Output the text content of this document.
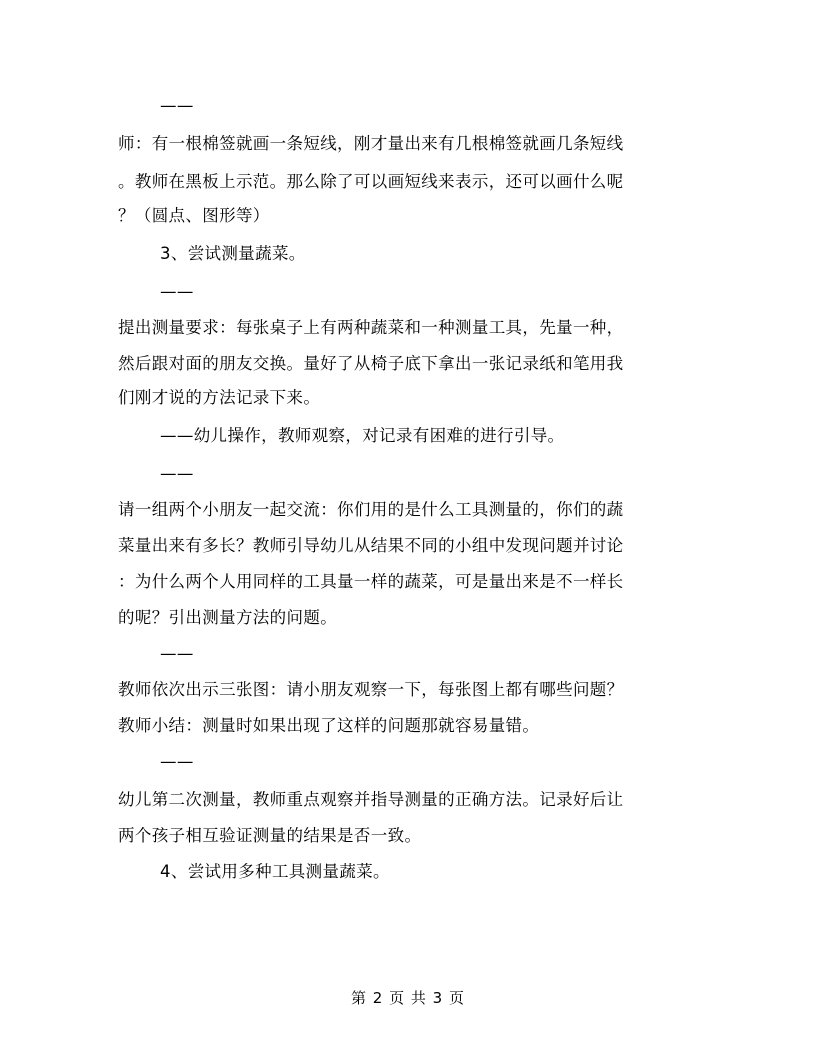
——
师：有一根棉签就画一条短线，刚才量出来有几根棉签就画几条短线
。教师在黑板上示范。那么除了可以画短线来表示，还可以画什么呢
？（圆点、图形等）
3、尝试测量蔬菜。
——
提出测量要求：每张桌子上有两种蔬菜和一种测量工具，先量一种，
然后跟对面的朋友交换。量好了从椅子底下拿出一张记录纸和笔用我
们刚才说的方法记录下来。
——幼儿操作，教师观察，对记录有困难的进行引导。
——
请一组两个小朋友一起交流：你们用的是什么工具测量的，你们的蔬
菜量出来有多长？教师引导幼儿从结果不同的小组中发现问题并讨论
：为什么两个人用同样的工具量一样的蔬菜，可是量出来是不一样长
的呢？引出测量方法的问题。
——
教师依次出示三张图：请小朋友观察一下，每张图上都有哪些问题？
教师小结：测量时如果出现了这样的问题那就容易量错。
——
幼儿第二次测量，教师重点观察并指导测量的正确方法。记录好后让
两个孩子相互验证测量的结果是否一致。
4、尝试用多种工具测量蔬菜。
第 2 页 共 3 页
